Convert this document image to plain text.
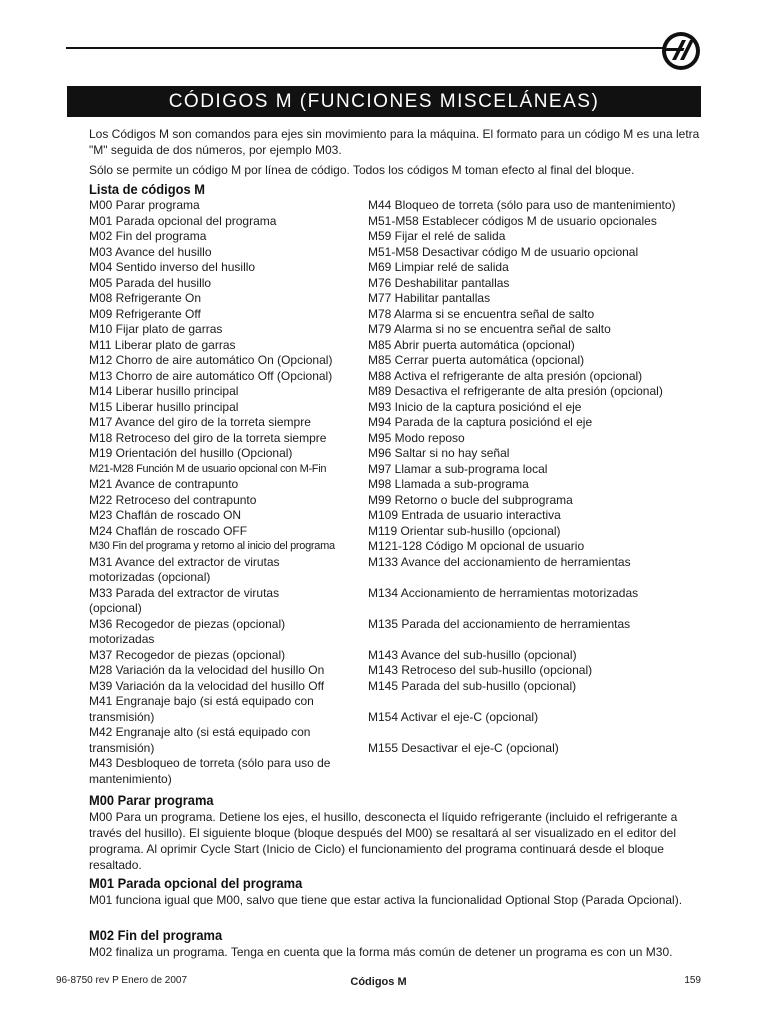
CÓDIGOS M (FUNCIONES MISCELÁNEAS)

Los Códigos M son comandos para ejes sin movimiento para la máquina. El formato para un código M es una letra "M" seguida de dos números, por ejemplo M03.

Sólo se permite un código M por línea de código. Todos los códigos M toman efecto al final del bloque.

Lista de códigos M
M00 Parar programa
M01 Parada opcional del programa
M02 Fin del programa
M03 Avance del husillo
M04 Sentido inverso del husillo
M05 Parada del husillo
M08 Refrigerante On
M09 Refrigerante Off
M10 Fijar plato de garras
M11 Liberar plato de garras
M12 Chorro de aire automático On (Opcional)
M13 Chorro de aire automático Off (Opcional)
M14 Liberar husillo principal
M15 Liberar husillo principal
M17 Avance del giro de la torreta siempre
M18 Retroceso del giro de la torreta siempre
M19 Orientación del husillo (Opcional)
M21-M28 Función M de usuario opcional con M-Fin
M21 Avance de contrapunto
M22 Retroceso del contrapunto
M23 Chaflán de roscado ON
M24 Chaflán de roscado OFF
M30 Fin del programa y retorno al inicio del programa
M31 Avance del extractor de virutas
motorizadas (opcional)
M33 Parada del extractor de virutas
(opcional)
M36 Recogedor de piezas (opcional)
motorizadas
M37 Recogedor de piezas (opcional)
M28 Variación da la velocidad del husillo On
M39 Variación da la velocidad del husillo Off
M41 Engranaje bajo (si está equipado con
transmisión)
M42 Engranaje alto (si está equipado con
transmisión)
M43 Desbloqueo de torreta (sólo para uso de
mantenimiento)
M44 Bloqueo de torreta (sólo para uso de mantenimiento)
M51-M58 Establecer códigos M de usuario opcionales
M59 Fijar el relé de salida
M51-M58 Desactivar código M de usuario opcional
M69 Limpiar relé de salida
M76 Deshabilitar pantallas
M77 Habilitar pantallas
M78 Alarma si se encuentra señal de salto
M79 Alarma si no se encuentra señal de salto
M85 Abrir puerta automática (opcional)
M85 Cerrar puerta automática (opcional)
M88 Activa el refrigerante de alta presión (opcional)
M89 Desactiva el refrigerante de alta presión (opcional)
M93 Inicio de la captura posiciónd el eje
M94 Parada de la captura posiciónd el eje
M95 Modo reposo
M96 Saltar si no hay señal
M97 Llamar a sub-programa local
M98 Llamada a sub-programa
M99 Retorno o bucle del subprograma
M109 Entrada de usuario interactiva
M119 Orientar sub-husillo (opcional)
M121-128 Código M opcional de usuario
M133 Avance del accionamiento de herramientas

M134 Accionamiento de herramientas motorizadas

M135 Parada del accionamiento de herramientas

M143 Avance del sub-husillo (opcional)
M143 Retroceso del sub-husillo (opcional)
M145 Parada del sub-husillo (opcional)

M154 Activar el eje-C (opcional)

M155 Desactivar el eje-C (opcional)
M00 Parar programa

M00 Para un programa. Detiene los ejes, el husillo, desconecta el líquido refrigerante (incluido el refrigerante a través del husillo). El siguiente bloque (bloque después del M00) se resaltará al ser visualizado en el editor del programa. Al oprimir Cycle Start (Inicio de Ciclo) el funcionamiento del programa continuará desde el bloque resaltado.

M01 Parada opcional del programa

M01 funciona igual que M00, salvo que tiene que estar activa la funcionalidad Optional Stop (Parada Opcional).

M02 Fin del programa

M02 finaliza un programa. Tenga en cuenta que la forma más común de detener un programa es con un M30.

96-8750 rev P Enero de 2007	Códigos M	159
